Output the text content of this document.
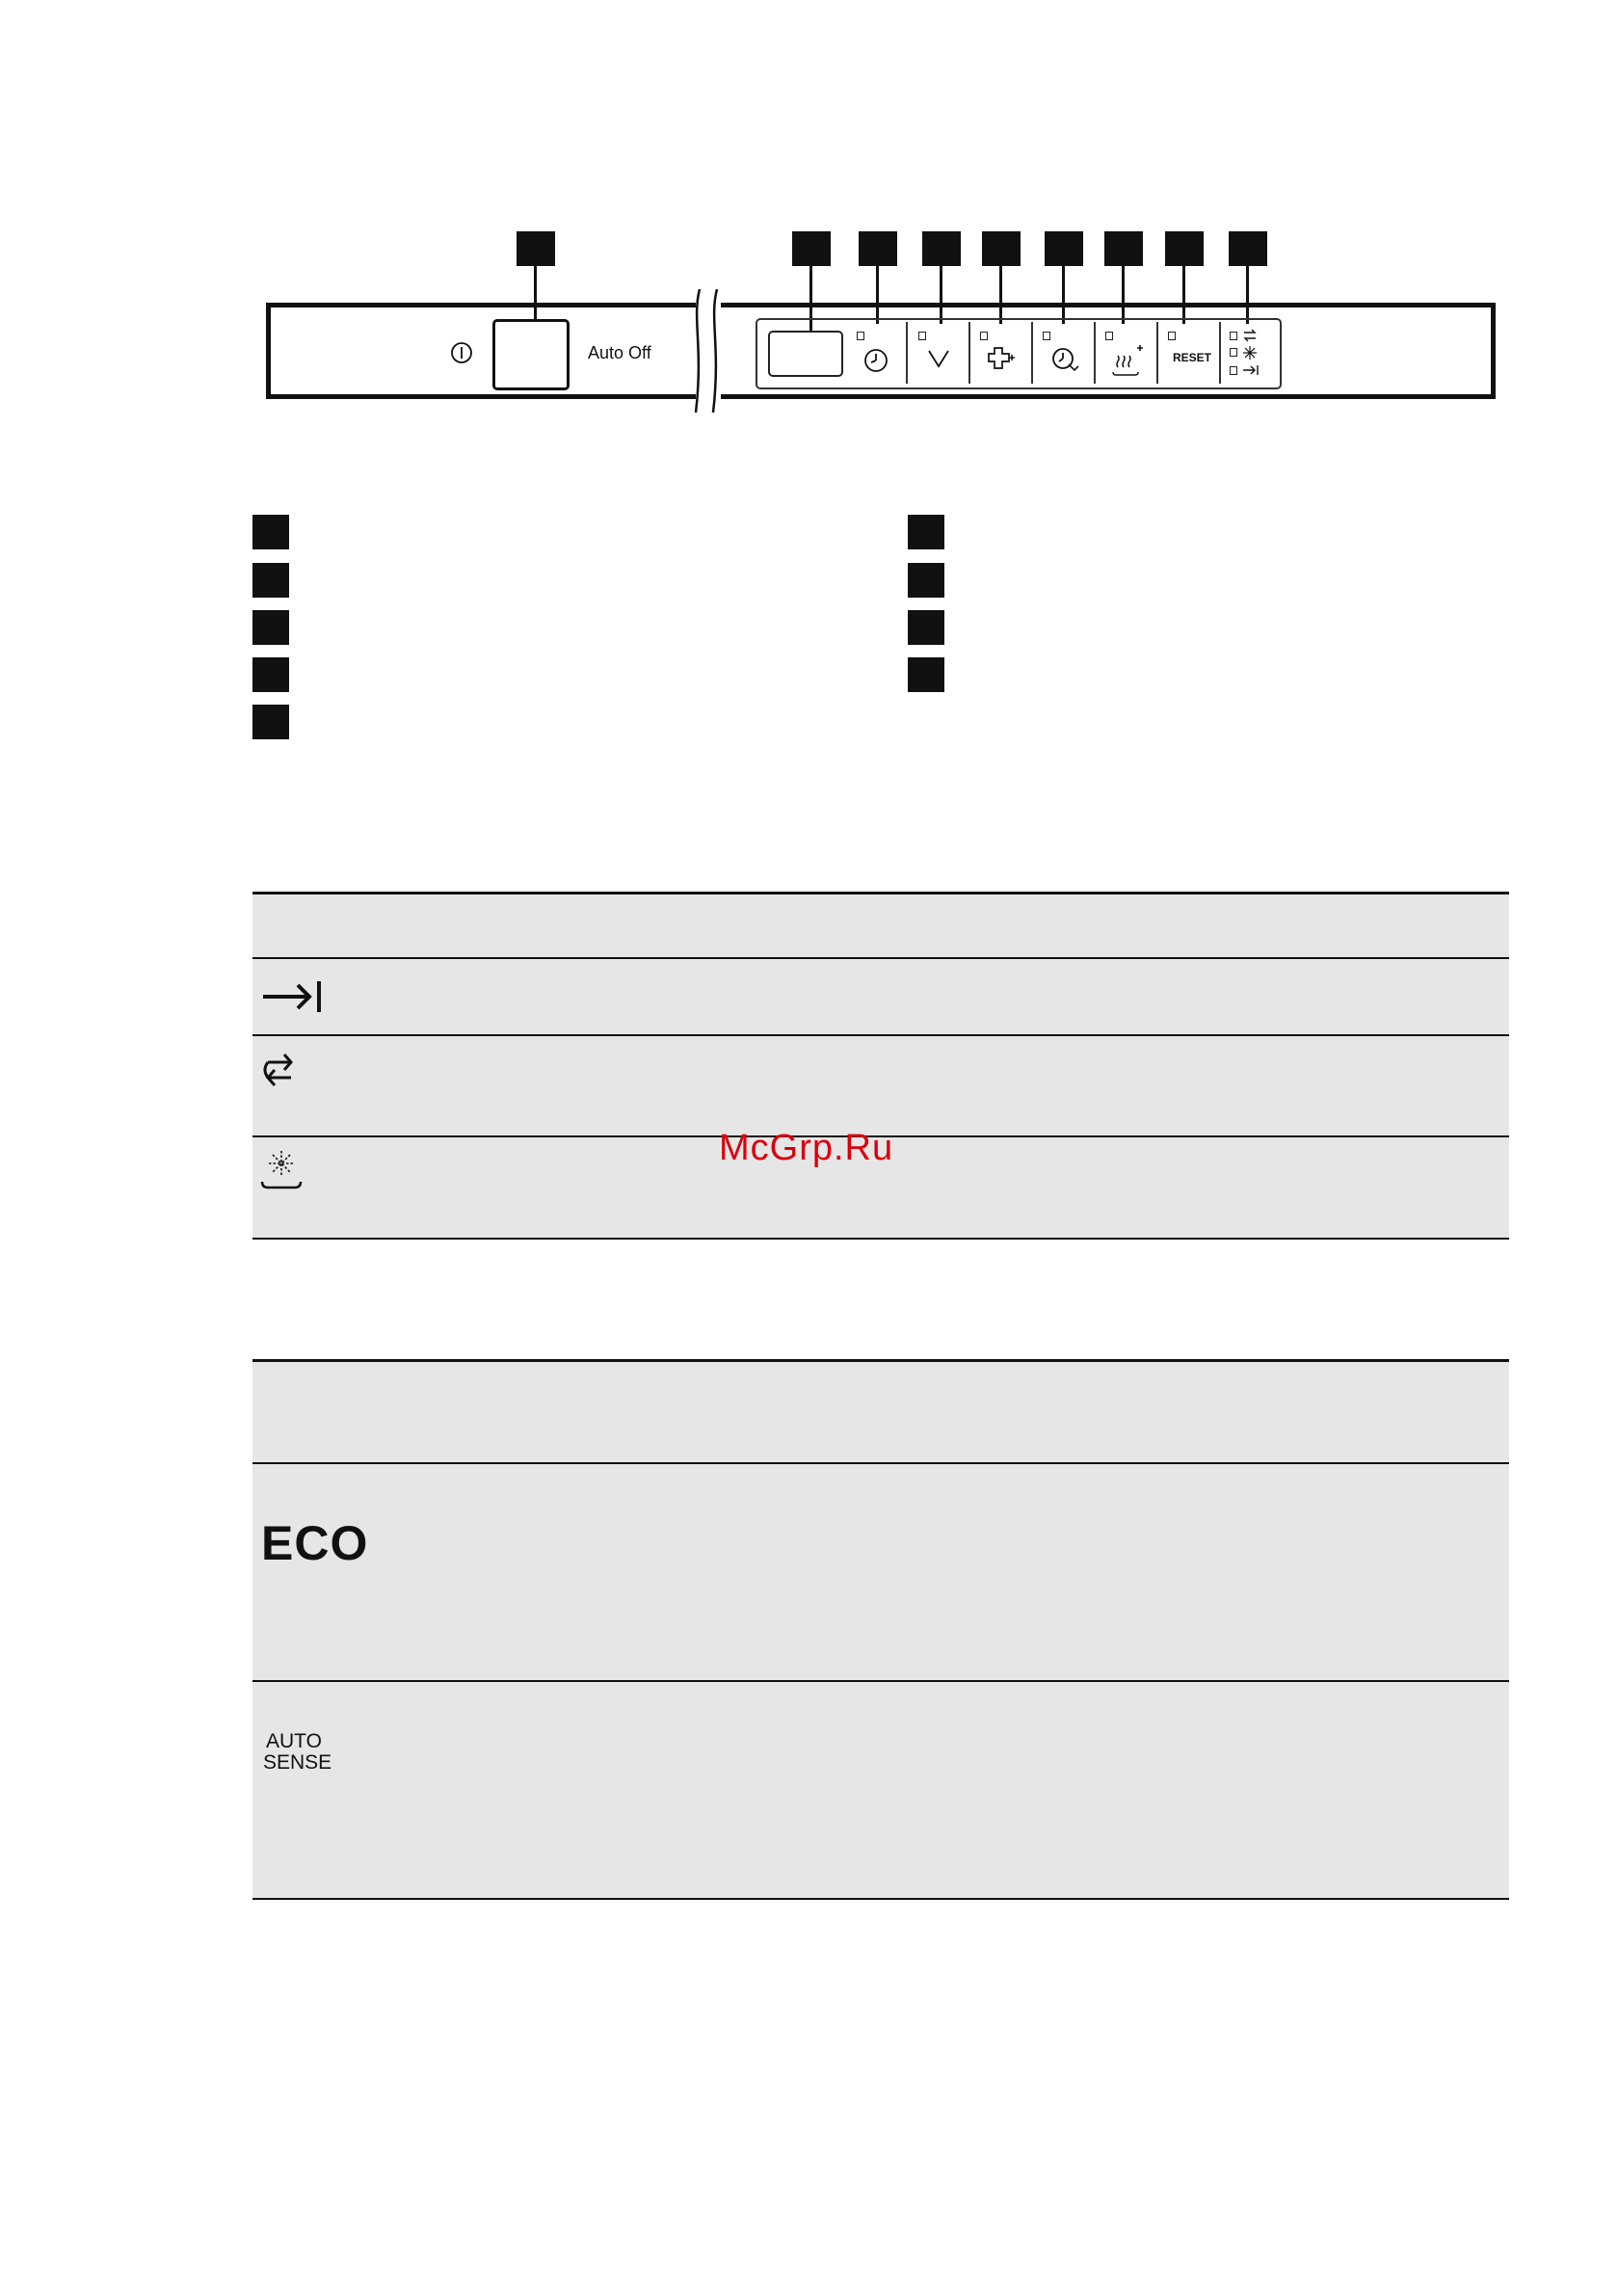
Auto Off	RESET
ECO
AUTO
SENSE
McGrp.Ru
